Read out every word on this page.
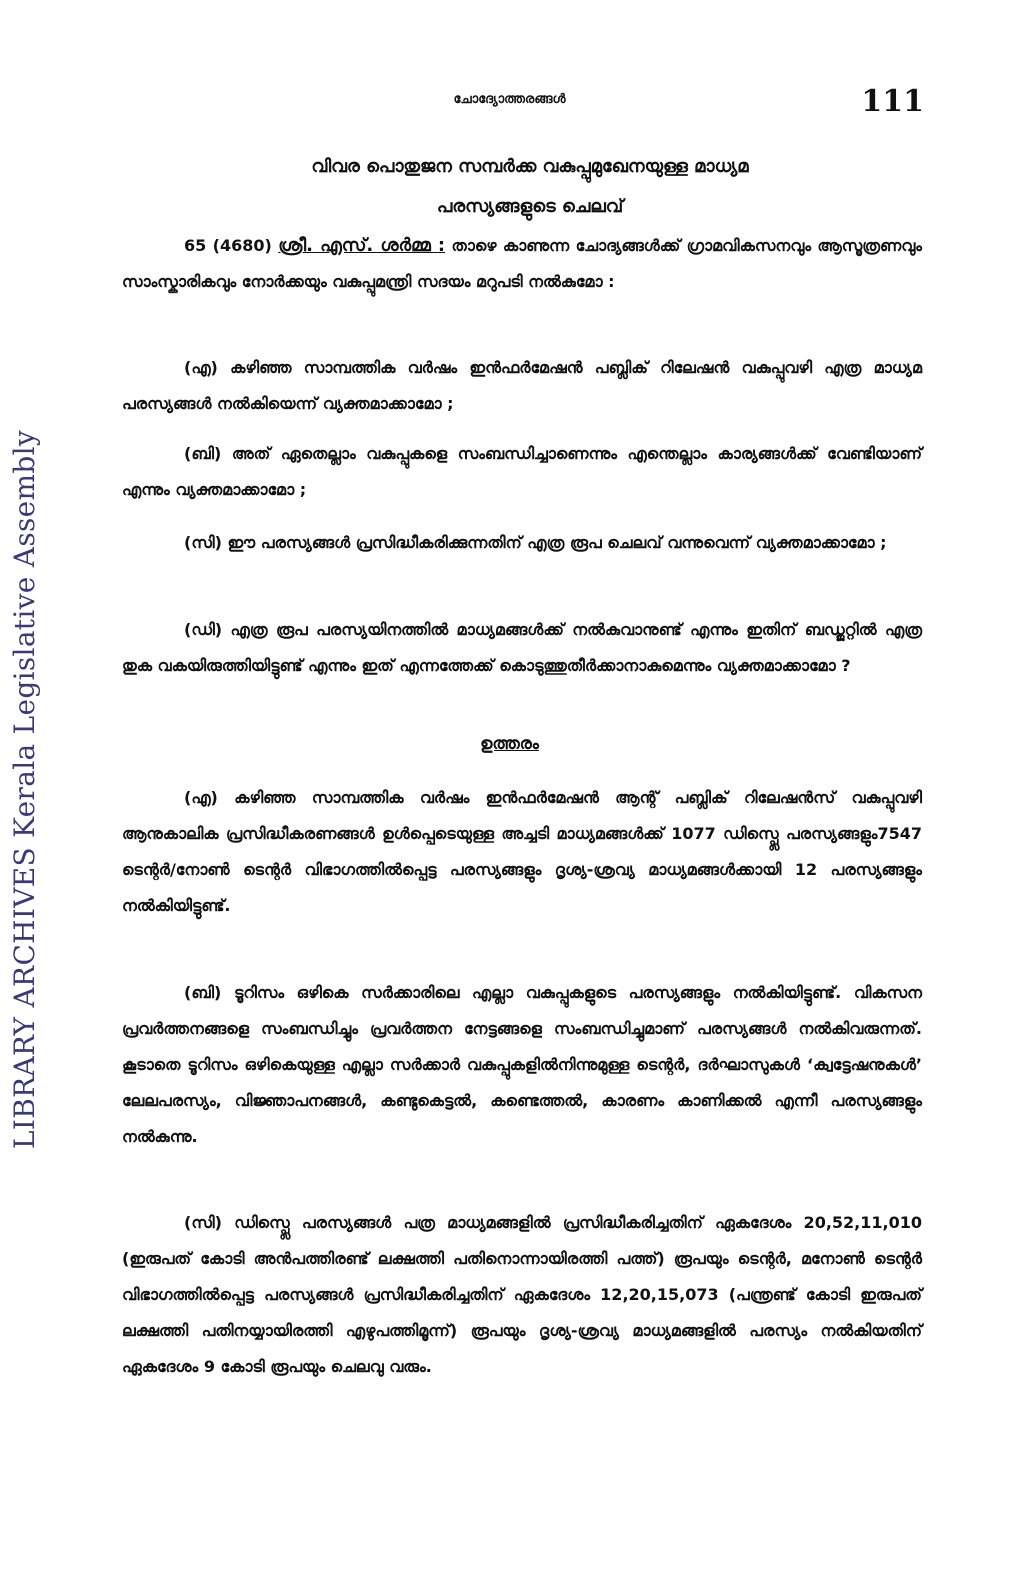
LIBRARY ARCHIVES Kerala Legislative Assembly
ചോദ്യോത്തരങ്ങൾ	111
വിവര പൊതുജന സമ്പർക്ക വകുപ്പുമുഖേനയുള്ള മാധ്യമ
പരസ്യങ്ങളുടെ ചെലവ്
65 (4680) ശ്രീ. എസ്. ശർമ്മ : താഴെ കാണുന്ന ചോദ്യങ്ങൾക്ക് ഗ്രാമവികസനവും ആസൂത്രണവും സാംസ്കാരികവും നോർക്കയും വകുപ്പുമന്ത്രി സദയം മറുപടി നൽകുമോ :
(എ) കഴിഞ്ഞ സാമ്പത്തിക വർഷം ഇൻഫർമേഷൻ പബ്ലിക് റിലേഷൻ വകുപ്പുവഴി എത്ര മാധ്യമ പരസ്യങ്ങൾ നൽകിയെന്ന് വ്യക്തമാക്കാമോ ;
(ബി) അത് ഏതെല്ലാം വകുപ്പുകളെ സംബന്ധിച്ചാണെന്നും എന്തെല്ലാം കാര്യങ്ങൾക്ക് വേണ്ടിയാണ് എന്നും വ്യക്തമാക്കാമോ ;
(സി) ഈ പരസ്യങ്ങൾ പ്രസിദ്ധീകരിക്കുന്നതിന് എത്ര രൂപ ചെലവ് വന്നുവെന്ന് വ്യക്തമാക്കാമോ ;
(ഡി) എത്ര രൂപ പരസ്യയിനത്തിൽ മാധ്യമങ്ങൾക്ക് നൽകുവാനുണ്ട് എന്നും ഇതിന് ബഡ്ജറ്റിൽ എത്ര തുക വകയിരുത്തിയിട്ടുണ്ട് എന്നും ഇത് എന്നത്തേക്ക് കൊടുത്തുതീർക്കാനാകുമെന്നും വ്യക്തമാക്കാമോ ?
ഉത്തരം
(എ) കഴിഞ്ഞ സാമ്പത്തിക വർഷം ഇൻഫർമേഷൻ ആന്റ് പബ്ലിക് റിലേഷൻസ് വകുപ്പുവഴി ആനുകാലിക പ്രസിദ്ധീകരണങ്ങൾ ഉൾപ്പെടെയുള്ള അച്ചടി മാധ്യമങ്ങൾക്ക് 1077 ഡിസ്പ്ലെ പരസ്യങ്ങളും7547 ടെന്റർ/നോൺ ടെന്റർ വിഭാഗത്തിൽപ്പെട്ട പരസ്യങ്ങളും ദൃശ്യ-ശ്രവ്യ മാധ്യമങ്ങൾക്കായി 12 പരസ്യങ്ങളും നൽകിയിട്ടുണ്ട്.
(ബി) ടൂറിസം ഒഴികെ സർക്കാരിലെ എല്ലാ വകുപ്പുകളുടെ പരസ്യങ്ങളും നൽകിയിട്ടുണ്ട്. വികസന പ്രവർത്തനങ്ങളെ സംബന്ധിച്ചും പ്രവർത്തന നേട്ടങ്ങളെ സംബന്ധിച്ചുമാണ് പരസ്യങ്ങൾ നൽകിവരുന്നത്. കൂടാതെ ടൂറിസം ഒഴികെയുള്ള എല്ലാ സർക്കാർ വകുപ്പുകളിൽനിന്നുമുള്ള ടെന്റർ, ദർഘാസുകൾ ‘ക്വട്ടേഷനുകൾ’ ലേലപരസ്യം, വിജ്ഞാപനങ്ങൾ, കണ്ടുകെട്ടൽ, കണ്ടെത്തൽ, കാരണം കാണിക്കൽ എന്നീ പരസ്യങ്ങളും നൽകുന്നു.
(സി) ഡിസ്പ്ലെ പരസ്യങ്ങൾ പത്ര മാധ്യമങ്ങളിൽ പ്രസിദ്ധീകരിച്ചതിന് ഏകദേശം 20,52,11,010 (ഇരുപത് കോടി അൻപത്തിരണ്ട് ലക്ഷത്തി പതിനൊന്നായിരത്തി പത്ത്) രൂപയും ടെന്റർ, മനോൺ ടെന്റർ വിഭാഗത്തിൽപ്പെട്ട പരസ്യങ്ങൾ പ്രസിദ്ധീകരിച്ചതിന് ഏകദേശം 12,20,15,073 (പന്ത്രണ്ട് കോടി ഇരുപത് ലക്ഷത്തി പതിനയ്യായിരത്തി എഴുപത്തിമൂന്ന്) രൂപയും ദൃശ്യ-ശ്രവ്യ മാധ്യമങ്ങളിൽ പരസ്യം നൽകിയതിന് ഏകദേശം 9 കോടി രൂപയും ചെലവു വരും.
